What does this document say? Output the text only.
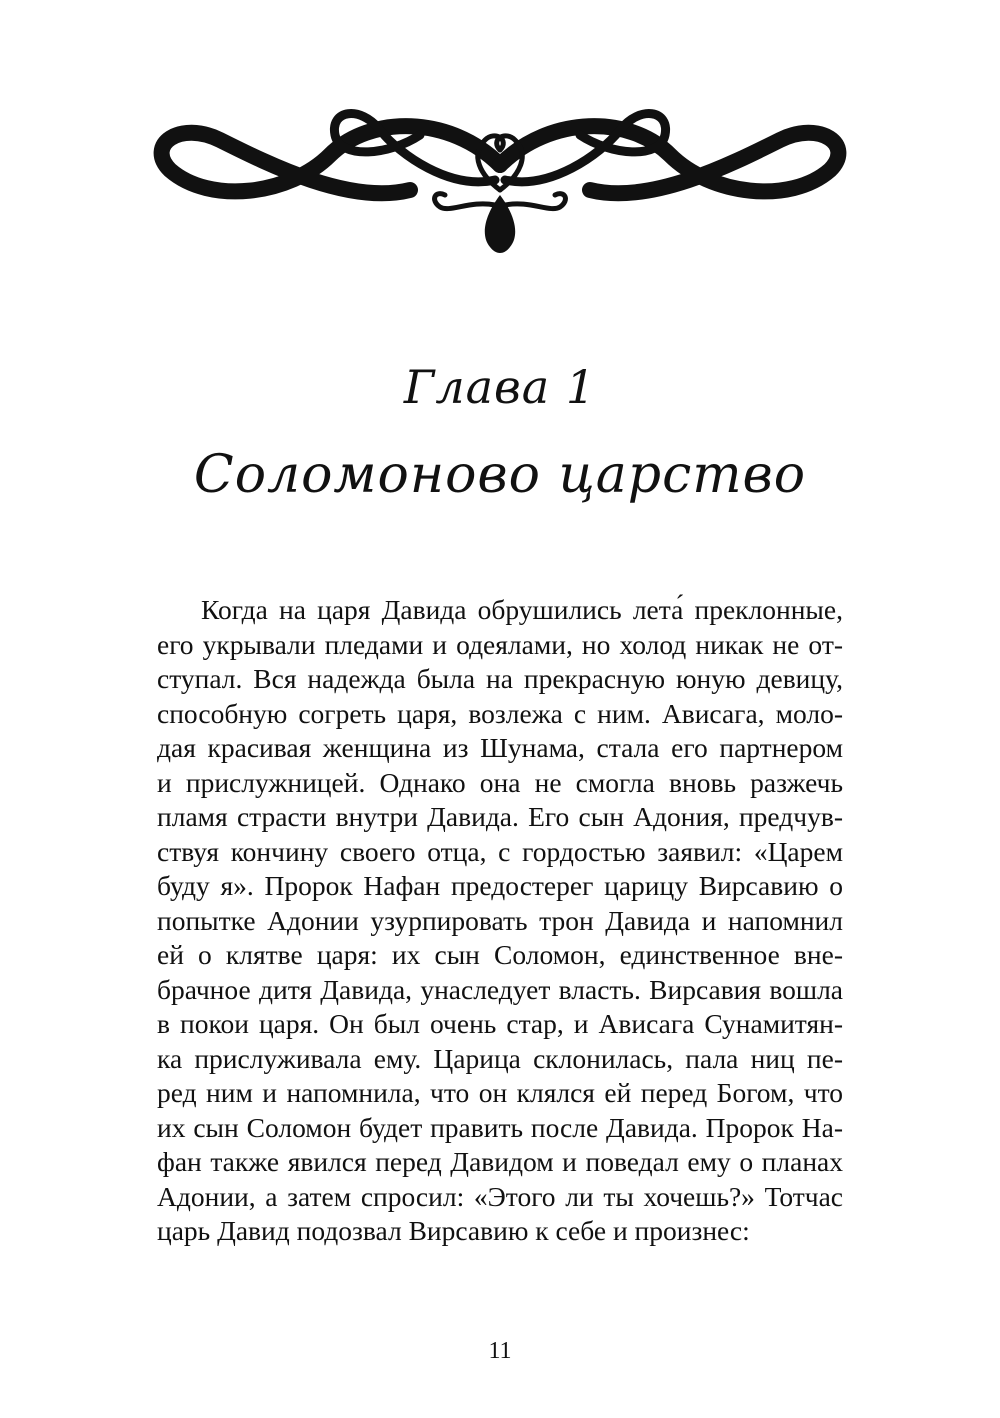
Глава 1
Соломоново царство
Когда на царя Давида обрушились лета́ преклонные,
его укрывали пледами и одеялами, но холод никак не от-
ступал. Вся надежда была на прекрасную юную девицу,
способную согреть царя, возлежа с ним. Ависага, моло-
дая красивая женщина из Шунама, стала его партнером
и прислужницей. Однако она не смогла вновь разжечь
пламя страсти внутри Давида. Его сын Адония, предчув-
ствуя кончину своего отца, с гордостью заявил: «Царем
буду я». Пророк Нафан предостерег царицу Вирсавию о
попытке Адонии узурпировать трон Давида и напомнил
ей о клятве царя: их сын Соломон, единственное вне-
брачное дитя Давида, унаследует власть. Вирсавия вошла
в покои царя. Он был очень стар, и Ависага Сунамитян-
ка прислуживала ему. Царица склонилась, пала ниц пе-
ред ним и напомнила, что он клялся ей перед Богом, что
их сын Соломон будет править после Давида. Пророк На-
фан также явился перед Давидом и поведал ему о планах
Адонии, а затем спросил: «Этого ли ты хочешь?» Тотчас
царь Давид подозвал Вирсавию к себе и произнес:
11
